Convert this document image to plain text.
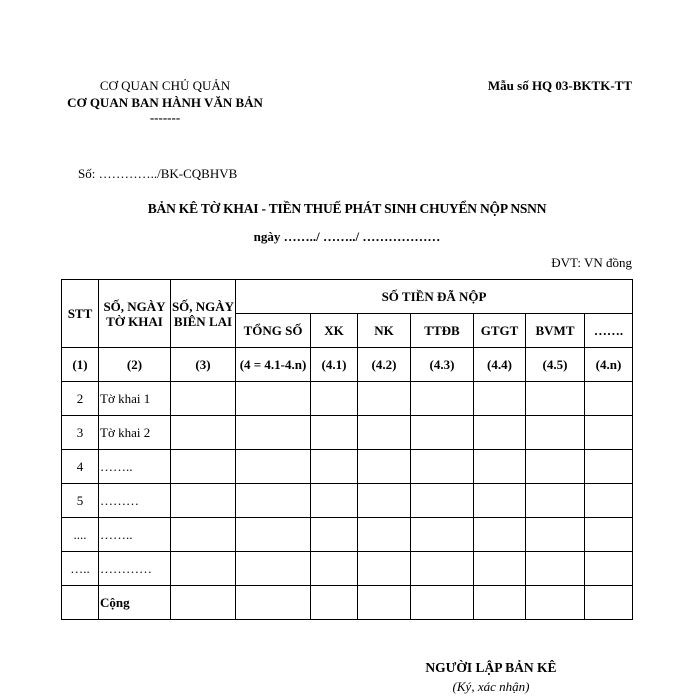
CƠ QUAN CHỦ QUẢN
CƠ QUAN BAN HÀNH VĂN BẢN
-------
Mẫu số HQ 03-BKTK-TT
Số: …………../BK-CQBHVB
BẢN KÊ TỜ KHAI - TIỀN THUẾ PHÁT SINH CHUYỂN NỘP NSNN
ngày ……../ ……../ ………………
ĐVT: VN đồng
STT	SỐ, NGÀY TỜ KHAI	SỐ, NGÀY BIÊN LAI	SỐ TIỀN ĐÃ NỘP						
			TỔNG SỐ	XK	NK	TTĐB	GTGT	BVMT	…….
(1)	(2)	(3)	(4 = 4.1-4.n)	(4.1)	(4.2)	(4.3)	(4.4)	(4.5)	(4.n)
2	Tờ khai 1								
3	Tờ khai 2								
4	……..								
5	………								
....	……..								
…..	…………								
	Cộng								
NGƯỜI LẬP BẢN KÊ
(Ký, xác nhận)
